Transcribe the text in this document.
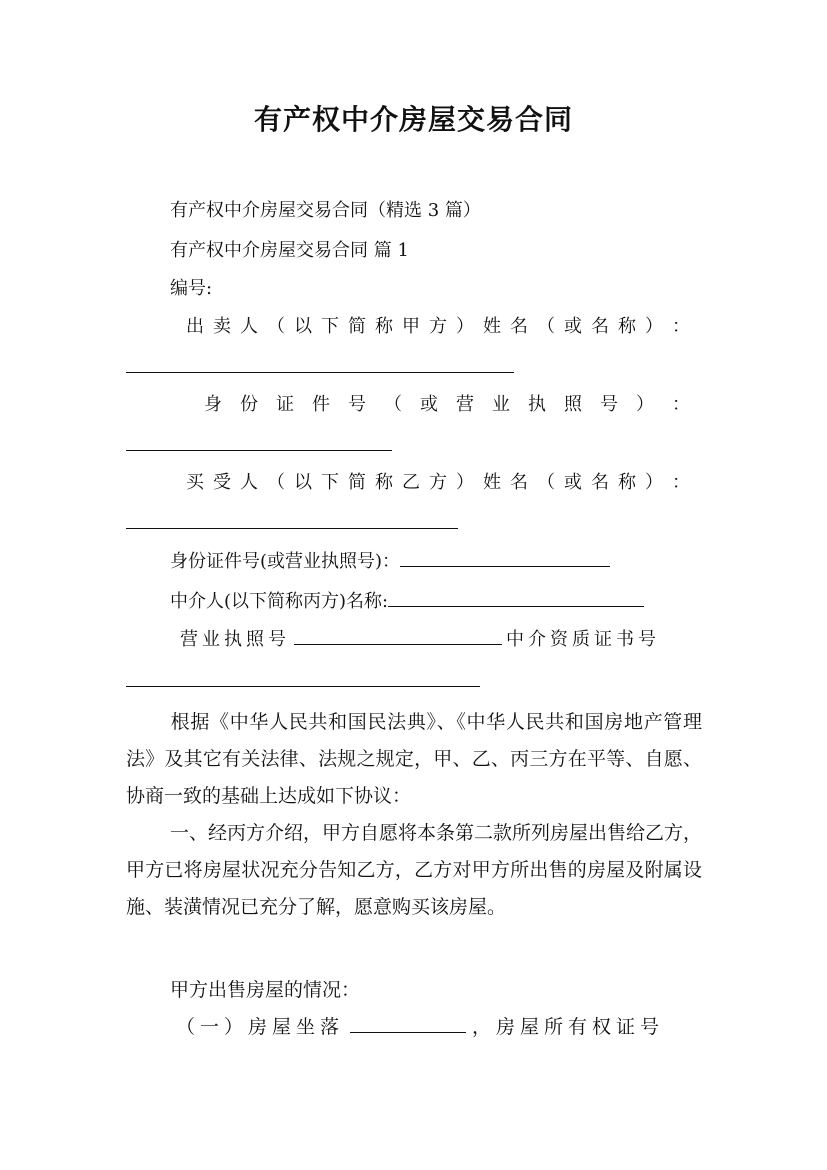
有产权中介房屋交易合同
有产权中介房屋交易合同（精选 3 篇）
有产权中介房屋交易合同 篇 1
编号:
出 卖 人 （ 以 下 简 称 甲 方 ） 姓 名 （ 或 名 称 ） ：
身 份 证 件 号 （ 或 营 业 执 照 号 ） ：
买 受 人 （ 以 下 简 称 乙 方 ） 姓 名 （ 或 名 称 ） ：
身份证件号(或营业执照号)：
中介人(以下简称丙方)名称:
营业执照号	中介资质证书号
根据《中华人民共和国民法典》、《中华人民共和国房地产管理法》及其它有关法律、法规之规定，甲、乙、丙三方在平等、自愿、协商一致的基础上达成如下协议：
一、经丙方介绍，甲方自愿将本条第二款所列房屋出售给乙方，甲方已将房屋状况充分告知乙方，乙方对甲方所出售的房屋及附属设施、装潢情况已充分了解，愿意购买该房屋。
甲方出售房屋的情况：
（一）房屋坐落	，房屋所有权证号
